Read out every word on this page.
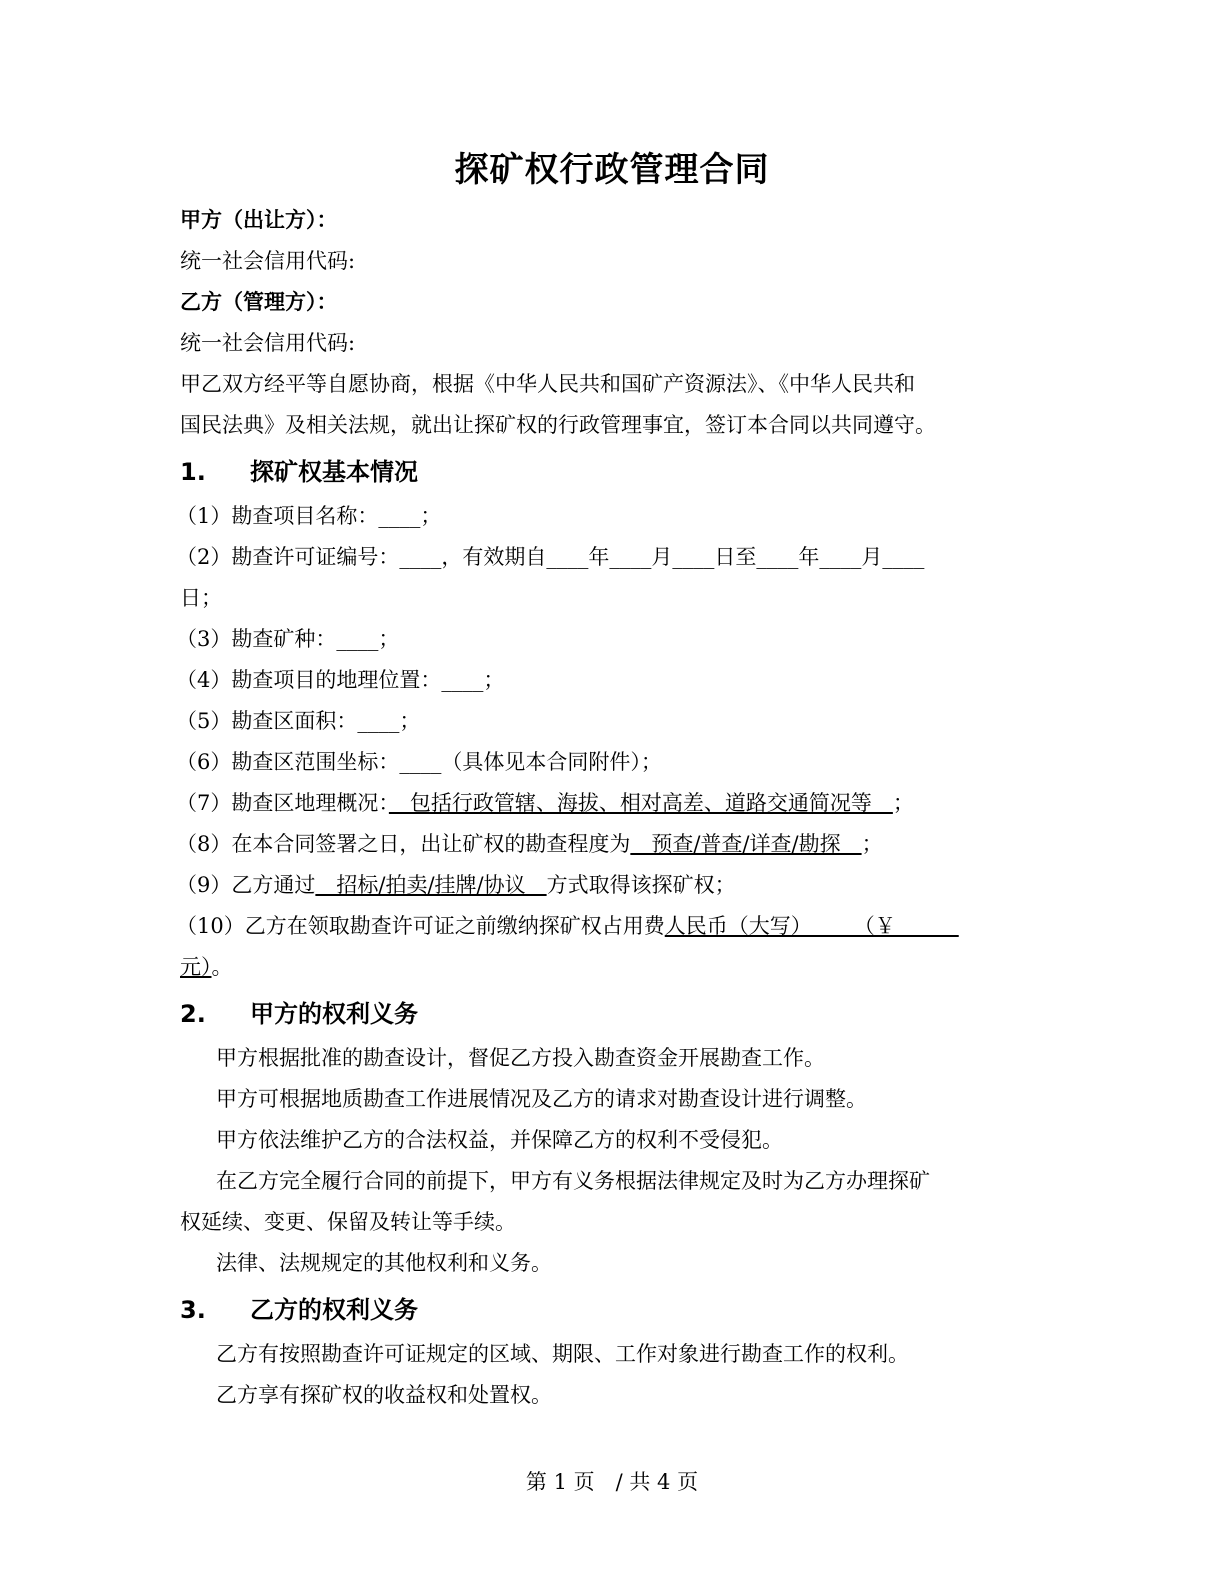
探矿权行政管理合同
甲方（出让方）：
统一社会信用代码:
乙方（管理方）：
统一社会信用代码:
甲乙双方经平等自愿协商，根据《中华人民共和国矿产资源法》、《中华人民共和
国民法典》及相关法规，就出让探矿权的行政管理事宜，签订本合同以共同遵守。
1. 探矿权基本情况
（1）勘查项目名称：____；
（2）勘查许可证编号：____，有效期自____年____月____日至____年____月____
日；
（3）勘查矿种：____；
（4）勘查项目的地理位置：____；
（5）勘查区面积：____；
（6）勘查区范围坐标：____（具体见本合同附件）；
（7）勘查区地理概况：　包括行政管辖、海拔、相对高差、道路交通简况等　；
（8）在本合同签署之日，出让矿权的勘查程度为　预查/普查/详查/勘探　；
（9）乙方通过　招标/拍卖/挂牌/协议　方式取得该探矿权；
（10）乙方在领取勘查许可证之前缴纳探矿权占用费人民币（大写）　　　（￥　　　
元）。
2. 甲方的权利义务
甲方根据批准的勘查设计，督促乙方投入勘查资金开展勘查工作。
甲方可根据地质勘查工作进展情况及乙方的请求对勘查设计进行调整。
甲方依法维护乙方的合法权益，并保障乙方的权利不受侵犯。
在乙方完全履行合同的前提下，甲方有义务根据法律规定及时为乙方办理探矿
权延续、变更、保留及转让等手续。
法律、法规规定的其他权利和义务。
3. 乙方的权利义务
乙方有按照勘查许可证规定的区域、期限、工作对象进行勘查工作的权利。
乙方享有探矿权的收益权和处置权。
第 1 页　/ 共 4 页
